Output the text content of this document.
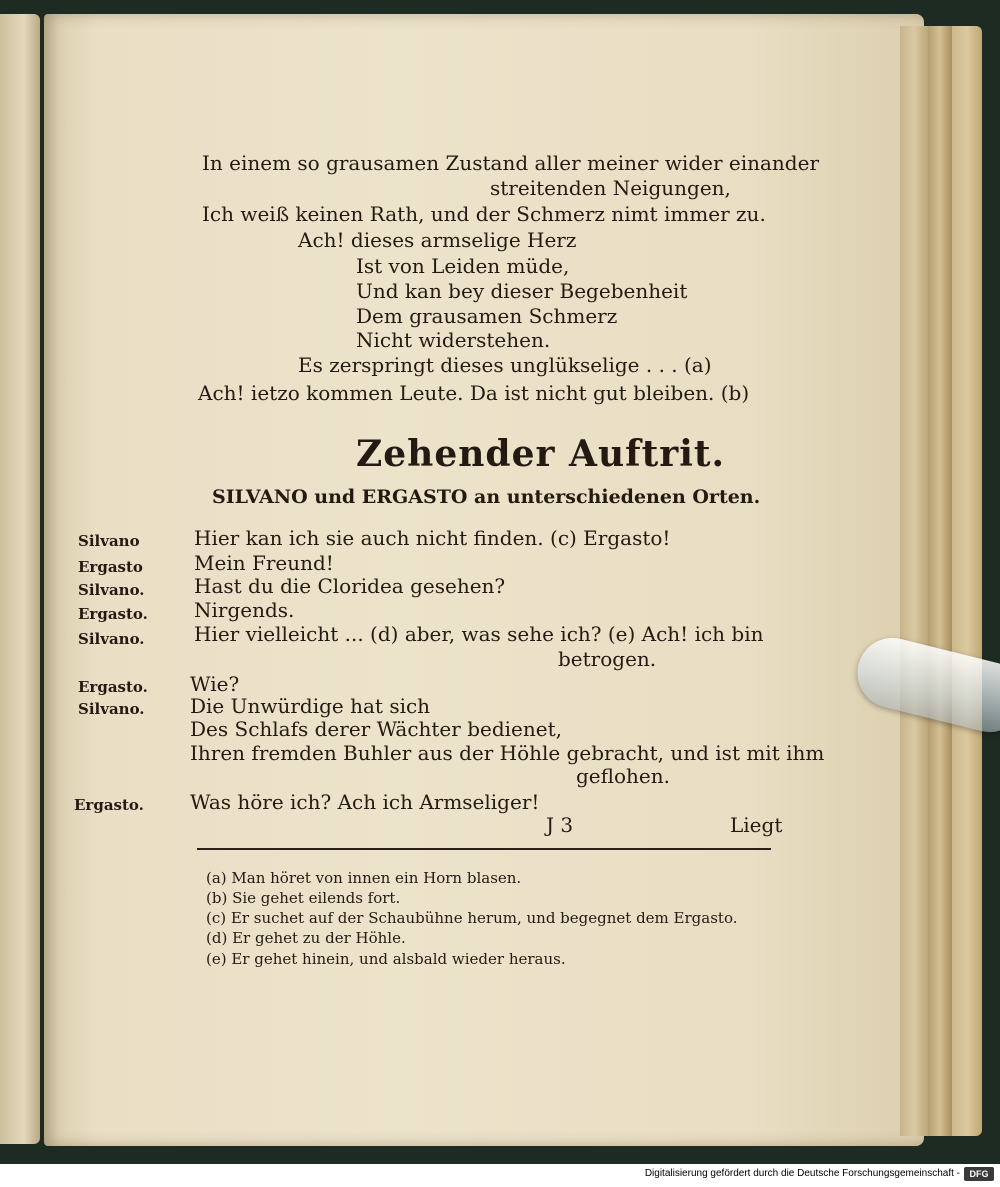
In einem so grausamen Zustand aller meiner wider einander
streitenden Neigungen,
Ich weiß keinen Rath, und der Schmerz nimt immer zu.
Ach! dieses armselige Herz
Ist von Leiden müde,
Und kan bey dieser Begebenheit
Dem grausamen Schmerz
Nicht widerstehen.
Es zerspringt dieses unglükselige . . . (a)
Ach! ietzo kommen Leute. Da ist nicht gut bleiben. (b)
Zehender Auftrit.
SILVANO und ERGASTO an unterschiedenen Orten.
Silvano	Hier kan ich sie auch nicht finden. (c) Ergasto!
Ergasto	Mein Freund!
Silvano. Hast du die Cloridea gesehen?
Ergasto. Nirgends.
Silvano. Hier vielleicht ... (d) aber, was sehe ich? (e) Ach! ich bin
betrogen.
Ergasto. Wie?
Silvano. Die Unwürdige hat sich
Des Schlafs derer Wächter bedienet,
Ihren fremden Buhler aus der Höhle gebracht, und ist mit ihm
geflohen.
Ergasto. Was höre ich? Ach ich Armseliger!
J 3	Liegt
(a) Man höret von innen ein Horn blasen.
(b) Sie gehet eilends fort.
(c) Er suchet auf der Schaubühne herum, und begegnet dem Ergasto.
(d) Er gehet zu der Höhle.
(e) Er gehet hinein, und alsbald wieder heraus.
Digitalisierung gefördert durch die Deutsche Forschungsgemeinschaft -	DFG
